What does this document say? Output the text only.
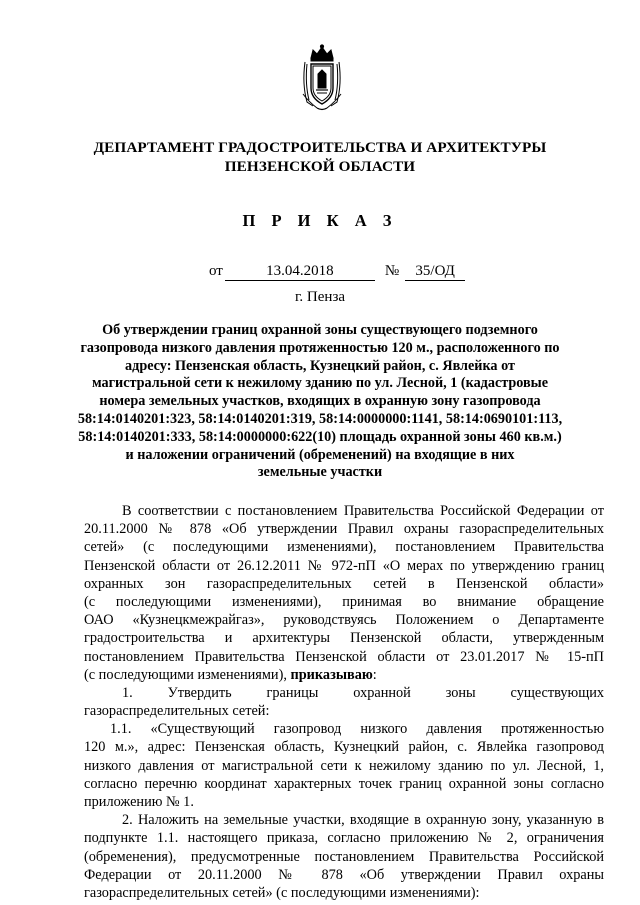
ДЕПАРТАМЕНТ ГРАДОСТРОИТЕЛЬСТВА И АРХИТЕКТУРЫ
ПЕНЗЕНСКОЙ ОБЛАСТИ
П Р И К А З
от	13.04.2018	№ 35/ОД
г. Пенза
Об утверждении границ охранной зоны существующего подземного
газопровода низкого давления протяженностью 120 м., расположенного по
адресу: Пензенская область, Кузнецкий район, с. Явлейка от
магистральной сети к нежилому зданию по ул. Лесной, 1 (кадастровые
номера земельных участков, входящих в охранную зону газопровода
58:14:0140201:323, 58:14:0140201:319, 58:14:0000000:1141, 58:14:0690101:113,
58:14:0140201:333, 58:14:0000000:622(10) площадь охранной зоны 460 кв.м.)
и наложении ограничений (обременений) на входящие в них
земельные участки
В соответствии с постановлением Правительства Российской Федерации от
20.11.2000 № 878 «Об утверждении Правил охраны газораспределительных
сетей» (с последующими изменениями), постановлением Правительства
Пензенской области от 26.12.2011 № 972-пП «О мерах по утверждению границ
охранных зон газораспределительных сетей в Пензенской области»
(с последующими изменениями), принимая во внимание обращение
ОАО «Кузнецкмежрайгаз», руководствуясь Положением о Департаменте
градостроительства и архитектуры Пензенской области, утвержденным
постановлением Правительства Пензенской области от 23.01.2017 № 15-пП
(с последующими изменениями), приказываю:
1. Утвердить границы охранной зоны существующих
газораспределительных сетей:
1.1. «Существующий газопровод низкого давления протяженностью
120 м.», адрес: Пензенская область, Кузнецкий район, с. Явлейка газопровод
низкого давления от магистральной сети к нежилому зданию по ул. Лесной, 1,
согласно перечню координат характерных точек границ охранной зоны согласно
приложению № 1.
2. Наложить на земельные участки, входящие в охранную зону, указанную в
подпункте 1.1. настоящего приказа, согласно приложению № 2, ограничения
(обременения), предусмотренные постановлением Правительства Российской
Федерации от 20.11.2000 № 878 «Об утверждении Правил охраны
газораспределительных сетей» (с последующими изменениями):
